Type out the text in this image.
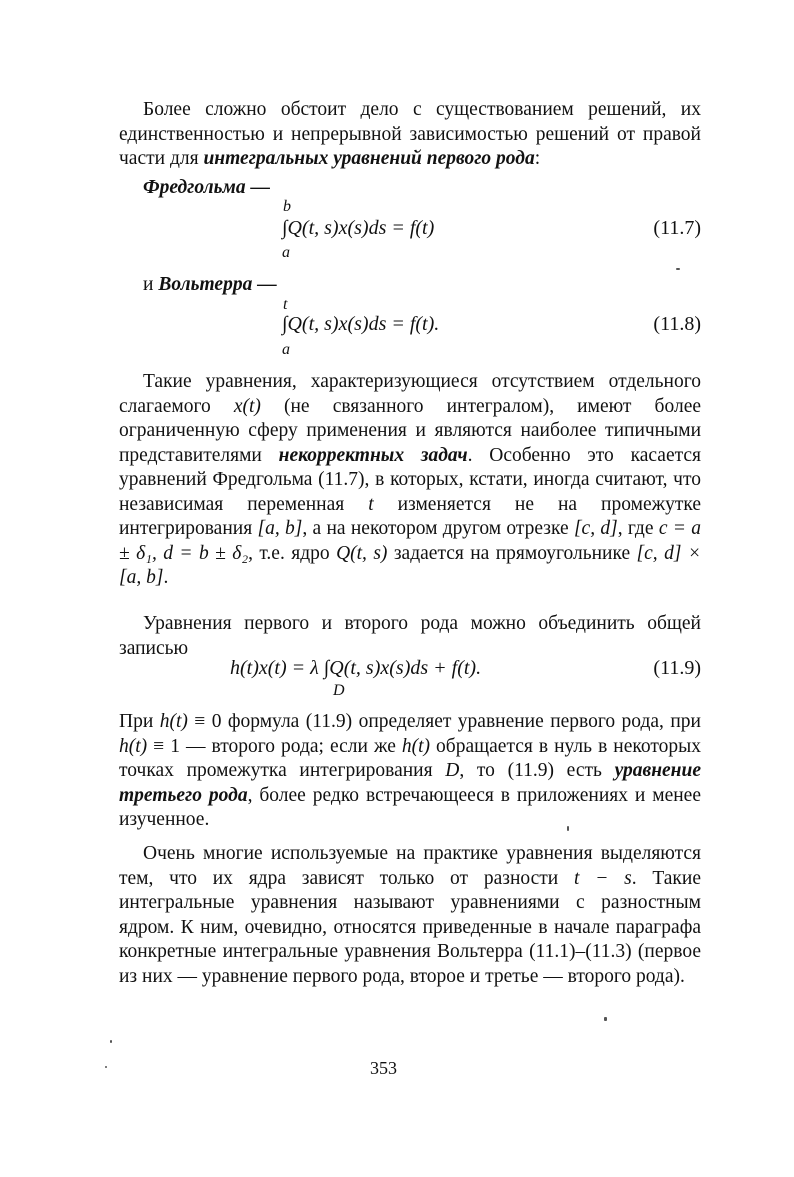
Более сложно обстоит дело с существованием решений, их единственностью и непрерывной зависимостью решений от правой части для интегральных уравнений первого рода:

Фредгольма —
b
∫Q(t, s)x(s)ds = f(t)
a
(11.7)
и Вольтерра —
t
∫Q(t, s)x(s)ds = f(t).
a
(11.8)

Такие уравнения, характеризующиеся отсутствием отдельного слагаемого x(t) (не связанного интегралом), имеют более ограниченную сферу применения и являются наиболее типичными представителями некорректных задач. Особенно это касается уравнений Фредгольма (11.7), в которых, кстати, иногда считают, что независимая переменная t изменяется не на промежутке интегрирования [a, b], а на некотором другом отрезке [c, d], где c = a ± δ₁, d = b ± δ₂, т.е. ядро Q(t, s) задается на прямоугольнике [c, d] × [a, b].

Уравнения первого и второго рода можно объединить общей записью

h(t)x(t) = λ ∫Q(t, s)x(s)ds + f(t).
D
(11.9)

При h(t) ≡ 0 формула (11.9) определяет уравнение первого рода, при h(t) ≡ 1 — второго рода; если же h(t) обращается в нуль в некоторых точках промежутка интегрирования D, то (11.9) есть уравнение третьего рода, более редко встречающееся в приложениях и менее изученное.

Очень многие используемые на практике уравнения выделяются тем, что их ядра зависят только от разности t − s. Такие интегральные уравнения называют уравнениями с разностным ядром. К ним, очевидно, относятся приведенные в начале параграфа конкретные интегральные уравнения Вольтерра (11.1)–(11.3) (первое из них — уравнение первого рода, второе и третье — второго рода).

353
